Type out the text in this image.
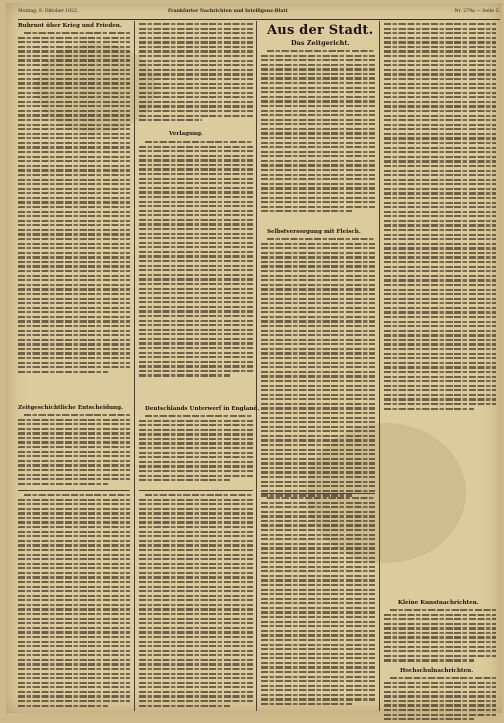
Montag, 9. Oktober 1922.	Frankfurter Nachrichten und Intelligenz-Blatt	Nr. 279a — Seite 3.
Ruhrnot über Krieg und Frieden.
Zeitgeschichtliche Entscheidung.
Verlagung.
Deutschlands Unterwerf in England.
Aus der Stadt.
Das Zeitgericht.
Selbstversorgung mit Fleisch.
Kleine Kunstnachrichten.
Hochschulnachrichten.
